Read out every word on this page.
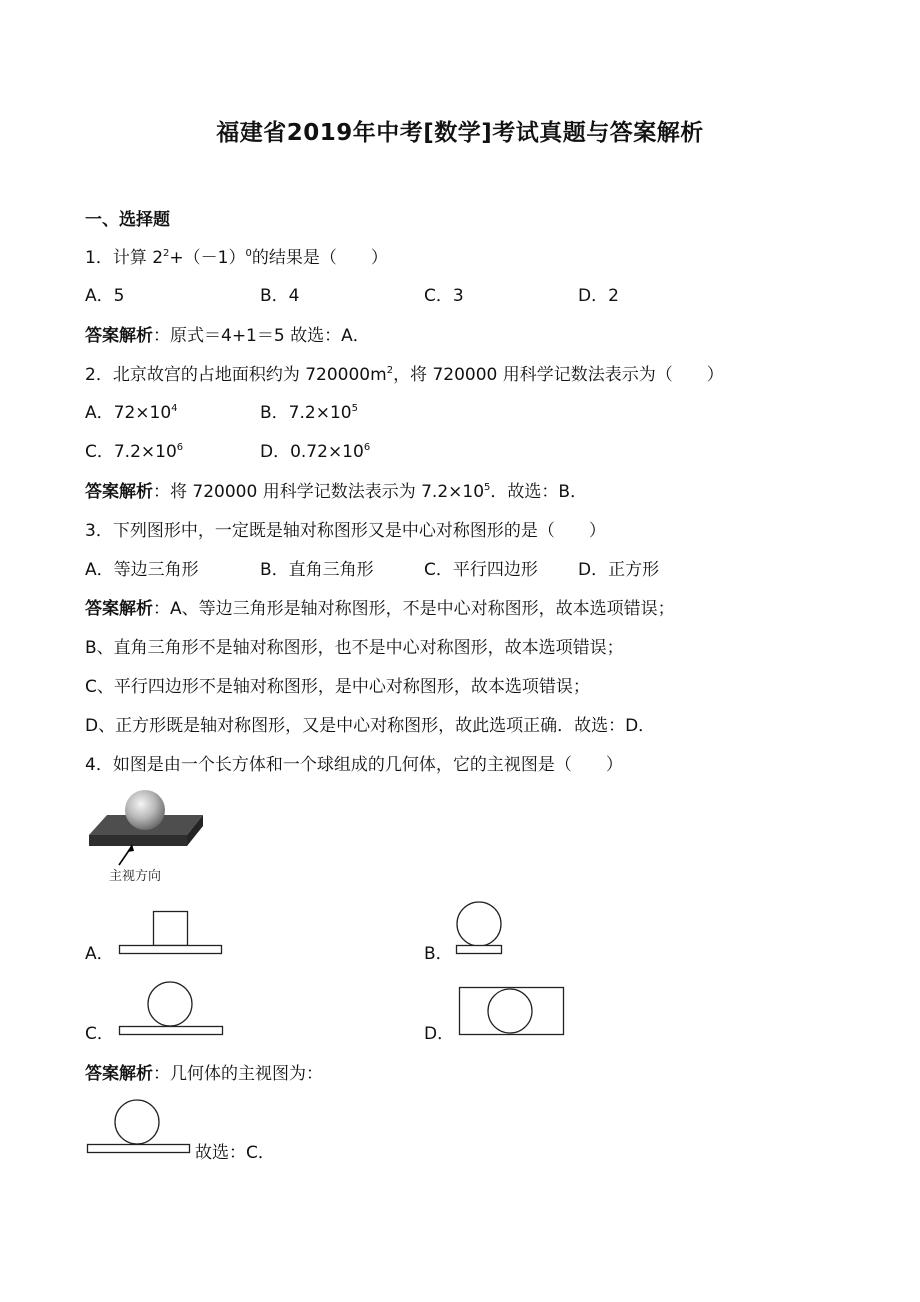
福建省2019年中考[数学]考试真题与答案解析
一、选择题
1．计算 $2^2+(-1)^0$的结果是（　　）
A．5	B．4	C．3	D．2
答案解析：原式＝4+1＝5 故选：A．
2．北京故宫的占地面积约为 $720000m^2$，将 720000 用科学记数法表示为（　　）
A．$72\times 10^4$	B．$7.2\times 10^5$
C．$7.2\times 10^6$	D．$0.72\times 10^6$
答案解析：将 720000 用科学记数法表示为 $7.2\times 10^5$．故选：B．
3．下列图形中，一定既是轴对称图形又是中心对称图形的是（　　）
A．等边三角形	B．直角三角形	C．平行四边形 D．正方形
答案解析：A、等边三角形是轴对称图形，不是中心对称图形，故本选项错误；
B、直角三角形不是轴对称图形，也不是中心对称图形，故本选项错误；
C、平行四边形不是轴对称图形，是中心对称图形，故本选项错误；
D、正方形既是轴对称图形，又是中心对称图形，故此选项正确．故选：D．
4．如图是由一个长方体和一个球组成的几何体，它的主视图是（　　）
主视方向
A．	B．
C．	D．
答案解析：几何体的主视图为：
故选：C．
